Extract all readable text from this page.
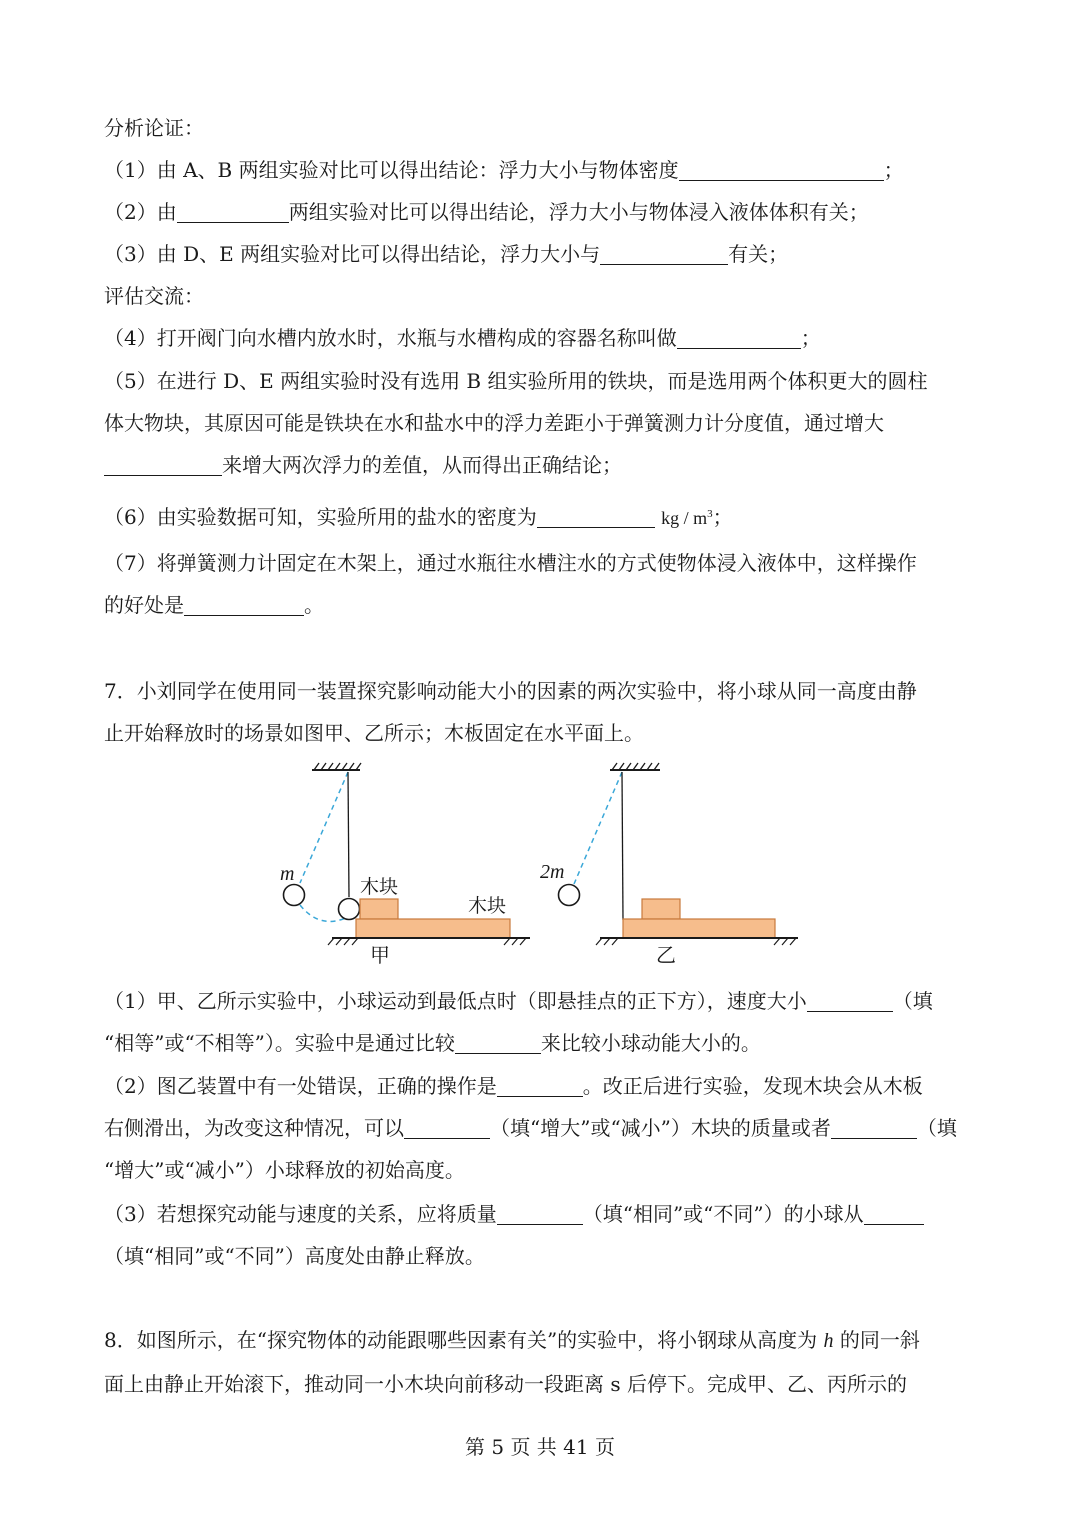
分析论证：
（1）由 A、B 两组实验对比可以得出结论：浮力大小与物体密度	；
（2）由	两组实验对比可以得出结论，浮力大小与物体浸入液体体积有关；
（3）由 D、E 两组实验对比可以得出结论，浮力大小与	有关；
评估交流：
（4）打开阀门向水槽内放水时，水瓶与水槽构成的容器名称叫做	；
（5）在进行 D、E 两组实验时没有选用 B 组实验所用的铁块，而是选用两个体积更大的圆柱
体大物块，其原因可能是铁块在水和盐水中的浮力差距小于弹簧测力计分度值，通过增大
来增大两次浮力的差值，从而得出正确结论；
（6）由实验数据可知，实验所用的盐水的密度为	kg / $m^3$；
（7）将弹簧测力计固定在木架上，通过水瓶往水槽注水的方式使物体浸入液体中，这样操作
的好处是	。
7．小刘同学在使用同一装置探究影响动能大小的因素的两次实验中，将小球从同一高度由静
止开始释放时的场景如图甲、乙所示；木板固定在水平面上。
m
木块
木块
甲
2m
乙
（1）甲、乙所示实验中，小球运动到最低点时（即悬挂点的正下方），速度大小	（填
“相等”或“不相等”）。实验中是通过比较	来比较小球动能大小的。
（2）图乙装置中有一处错误，正确的操作是	。改正后进行实验，发现木块会从木板
右侧滑出，为改变这种情况，可以	（填“增大”或“减小”）木块的质量或者	（填
“增大”或“减小”）小球释放的初始高度。
（3）若想探究动能与速度的关系，应将质量	（填“相同”或“不同”）的小球从
（填“相同”或“不同”）高度处由静止释放。
8．如图所示，在“探究物体的动能跟哪些因素有关”的实验中，将小钢球从高度为 h 的同一斜
面上由静止开始滚下，推动同一小木块向前移动一段距离 s 后停下。完成甲、乙、丙所示的
第 5 页 共 41 页
